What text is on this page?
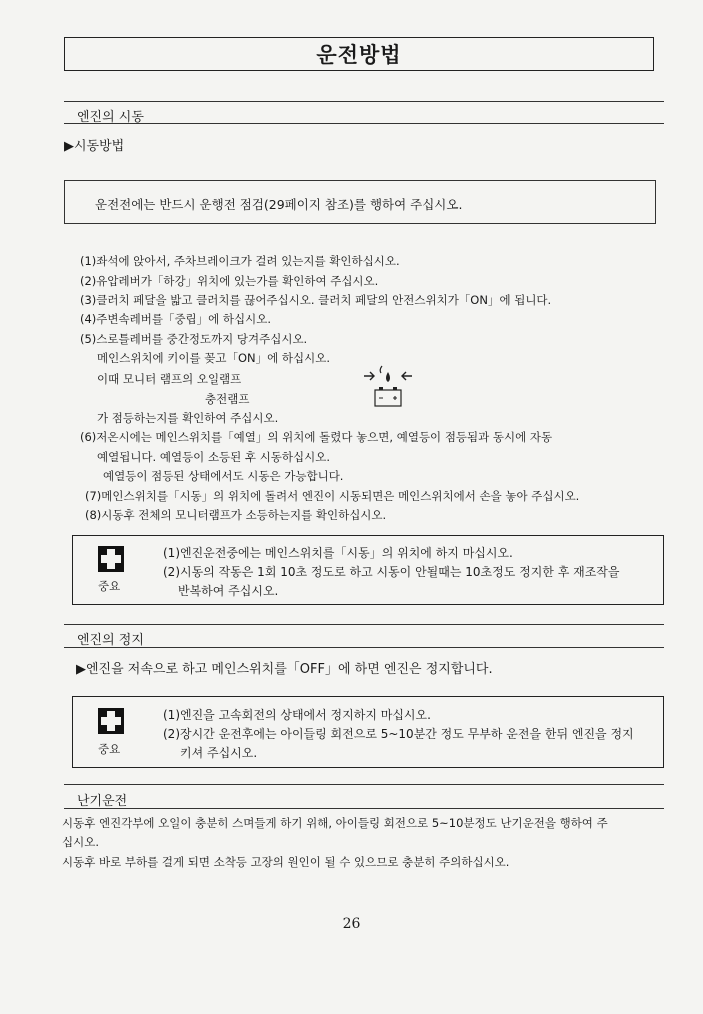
운전방법
엔진의 시동
▶시동방법
운전전에는 반드시 운행전 점검(29페이지 참조)를 행하여 주십시오.
(1)좌석에 앉아서, 주차브레이크가 걸려 있는지를 확인하십시오.
(2)유압레버가「하강」위치에 있는가를 확인하여 주십시오.
(3)클러치 페달을 밟고 클러치를 끊어주십시오. 클러치 페달의 안전스위치가「ON」에 됩니다.
(4)주변속레버를「중립」에 하십시오.
(5)스로틀레버를 중간정도까지 당겨주십시오.
메인스위치에 키이를 꽂고「ON」에 하십시오.
이때 모니터 램프의 오일램프
충전램프
가 점등하는지를 확인하여 주십시오.
(6)저온시에는 메인스위치를「예열」의 위치에 돌렸다 놓으면, 예열등이 점등됨과 동시에 자동
예열됩니다. 예열등이 소등된 후 시동하십시오.
예열등이 점등된 상태에서도 시동은 가능합니다.
(7)메인스위치를「시동」의 위치에 돌려서 엔진이 시동되면은 메인스위치에서 손을 놓아 주십시오.
(8)시동후 전체의 모니터램프가 소등하는지를 확인하십시오.
중요
(1)엔진운전중에는 메인스위치를「시동」의 위치에 하지 마십시오.
(2)시동의 작동은 1회 10초 정도로 하고 시동이 안될때는 10초정도 정지한 후 재조작을
반복하여 주십시오.
엔진의 정지
▶엔진을 저속으로 하고 메인스위치를「OFF」에 하면 엔진은 정지합니다.
중요
(1)엔진을 고속회전의 상태에서 정지하지 마십시오.
(2)장시간 운전후에는 아이들링 회전으로 5~10분간 정도 무부하 운전을 한뒤 엔진을 정지
키셔 주십시오.
난기운전
시동후 엔진각부에 오일이 충분히 스며들게 하기 위해, 아이들링 회전으로 5~10분정도 난기운전을 행하여 주
십시오.
시동후 바로 부하를 걸게 되면 소착등 고장의 원인이 될 수 있으므로 충분히 주의하십시오.
26
